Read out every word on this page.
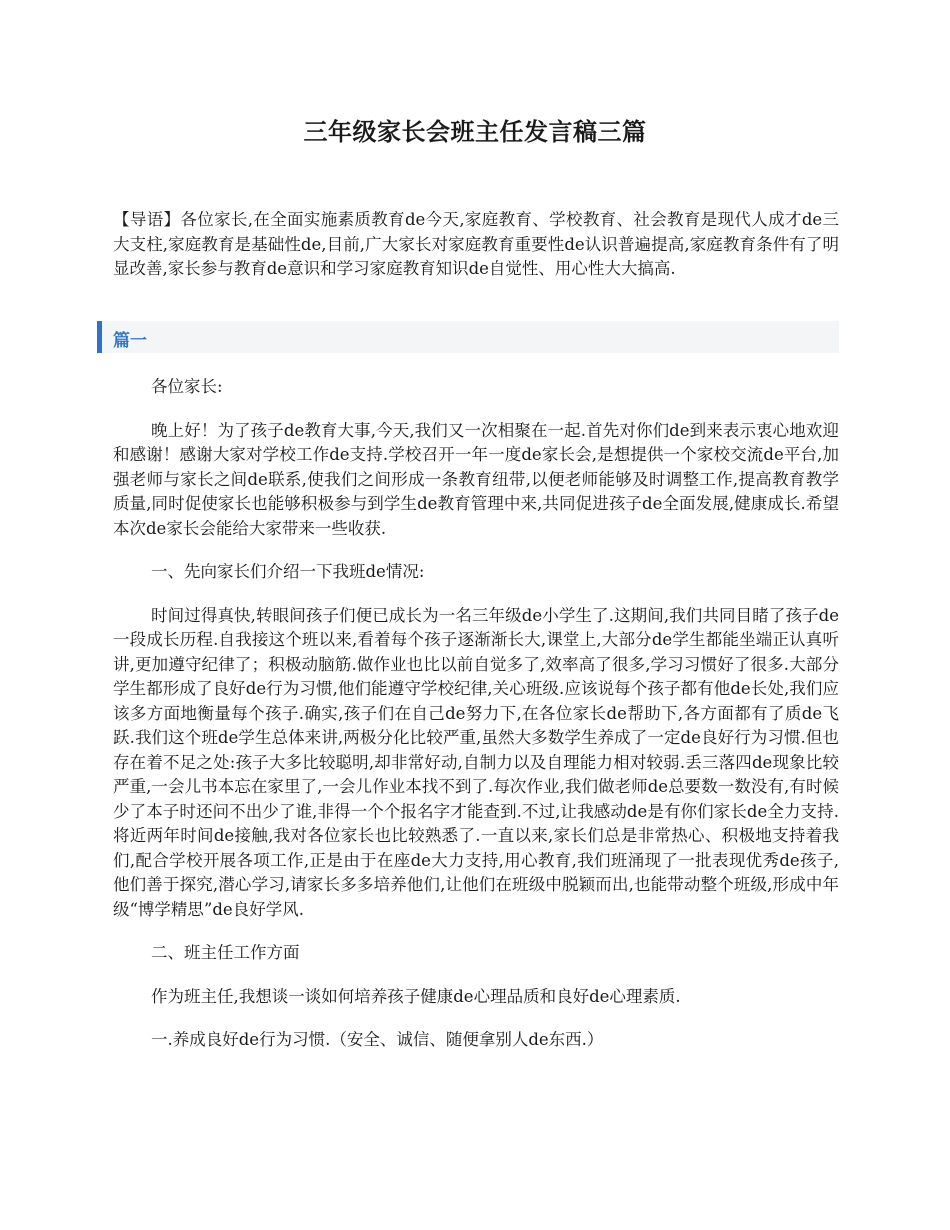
三年级家长会班主任发言稿三篇

【导语】各位家长,在全面实施素质教育de今天,家庭教育、学校教育、社会教育是现代人成才de三大支柱,家庭教育是基础性de,目前,广大家长对家庭教育重要性de认识普遍提高,家庭教育条件有了明显改善,家长参与教育de意识和学习家庭教育知识de自觉性、用心性大大搞高.

篇一

各位家长:

晚上好！为了孩子de教育大事,今天,我们又一次相聚在一起.首先对你们de到来表示衷心地欢迎和感谢！感谢大家对学校工作de支持.学校召开一年一度de家长会,是想提供一个家校交流de平台,加强老师与家长之间de联系,使我们之间形成一条教育纽带,以便老师能够及时调整工作,提高教育教学质量,同时促使家长也能够积极参与到学生de教育管理中来,共同促进孩子de全面发展,健康成长.希望本次de家长会能给大家带来一些收获.

一、先向家长们介绍一下我班de情况:

时间过得真快,转眼间孩子们便已成长为一名三年级de小学生了.这期间,我们共同目睹了孩子de一段成长历程.自我接这个班以来,看着每个孩子逐渐渐长大,课堂上,大部分de学生都能坐端正认真听讲,更加遵守纪律了；积极动脑筋.做作业也比以前自觉多了,效率高了很多,学习习惯好了很多.大部分学生都形成了良好de行为习惯,他们能遵守学校纪律,关心班级.应该说每个孩子都有他de长处,我们应该多方面地衡量每个孩子.确实,孩子们在自己de努力下,在各位家长de帮助下,各方面都有了质de飞跃.我们这个班de学生总体来讲,两极分化比较严重,虽然大多数学生养成了一定de良好行为习惯.但也存在着不足之处:孩子大多比较聪明,却非常好动,自制力以及自理能力相对较弱.丢三落四de现象比较严重,一会儿书本忘在家里了,一会儿作业本找不到了.每次作业,我们做老师de总要数一数没有,有时候少了本子时还问不出少了谁,非得一个个报名字才能查到.不过,让我感动de是有你们家长de全力支持.将近两年时间de接触,我对各位家长也比较熟悉了.一直以来,家长们总是非常热心、积极地支持着我们,配合学校开展各项工作,正是由于在座de大力支持,用心教育,我们班涌现了一批表现优秀de孩子,他们善于探究,潜心学习,请家长多多培养他们,让他们在班级中脱颖而出,也能带动整个班级,形成中年级“博学精思”de良好学风.

二、班主任工作方面

作为班主任,我想谈一谈如何培养孩子健康de心理品质和良好de心理素质.

一.养成良好de行为习惯.（安全、诚信、随便拿别人de东西.）
